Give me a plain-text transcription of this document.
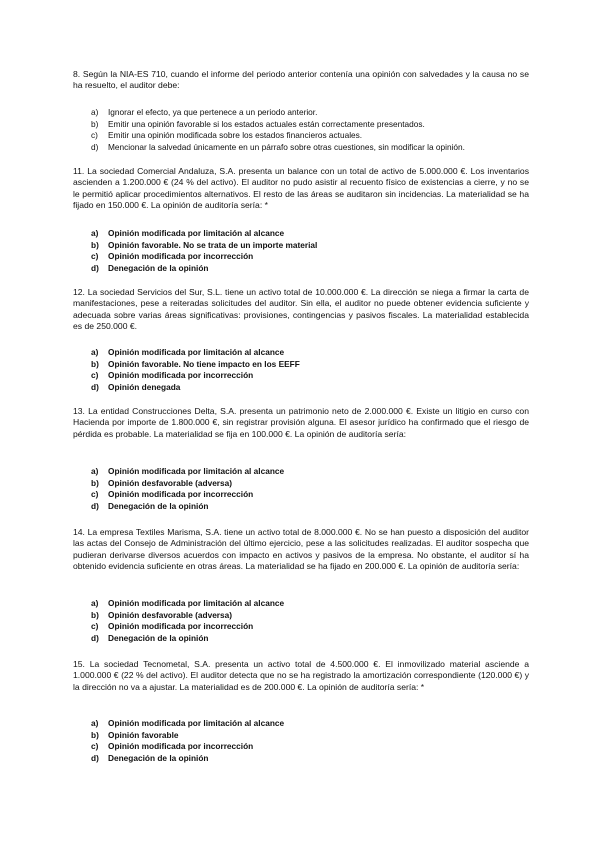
8. Según la NIA-ES 710, cuando el informe del periodo anterior contenía una opinión con salvedades y la causa no se ha resuelto, el auditor debe:

a)	Ignorar el efecto, ya que pertenece a un periodo anterior.
b)	Emitir una opinión favorable si los estados actuales están correctamente presentados.
c)	Emitir una opinión modificada sobre los estados financieros actuales.
d)	Mencionar la salvedad únicamente en un párrafo sobre otras cuestiones, sin modificar la opinión.

11. La sociedad Comercial Andaluza, S.A. presenta un balance con un total de activo de 5.000.000 €. Los inventarios ascienden a 1.200.000 € (24 % del activo). El auditor no pudo asistir al recuento físico de existencias a cierre, y no se le permitió aplicar procedimientos alternativos. El resto de las áreas se auditaron sin incidencias. La materialidad se ha fijado en 150.000 €. La opinión de auditoría sería: *

a)	Opinión modificada por limitación al alcance
b)	Opinión favorable. No se trata de un importe material
c)	Opinión modificada por incorrección
d)	Denegación de la opinión

12. La sociedad Servicios del Sur, S.L. tiene un activo total de 10.000.000 €. La dirección se niega a firmar la carta de manifestaciones, pese a reiteradas solicitudes del auditor. Sin ella, el auditor no puede obtener evidencia suficiente y adecuada sobre varias áreas significativas: provisiones, contingencias y pasivos fiscales. La materialidad establecida es de 250.000 €.

a)	Opinión modificada por limitación al alcance
b)	Opinión favorable. No tiene impacto en los EEFF
c)	Opinión modificada por incorrección
d)	Opinión denegada

13. La entidad Construcciones Delta, S.A. presenta un patrimonio neto de 2.000.000 €. Existe un litigio en curso con Hacienda por importe de 1.800.000 €, sin registrar provisión alguna. El asesor jurídico ha confirmado que el riesgo de pérdida es probable. La materialidad se fija en 100.000 €. La opinión de auditoría sería:

a)	Opinión modificada por limitación al alcance
b)	Opinión desfavorable (adversa)
c)	Opinión modificada por incorrección
d)	Denegación de la opinión

14. La empresa Textiles Marisma, S.A. tiene un activo total de 8.000.000 €. No se han puesto a disposición del auditor las actas del Consejo de Administración del último ejercicio, pese a las solicitudes realizadas. El auditor sospecha que pudieran derivarse diversos acuerdos con impacto en activos y pasivos de la empresa. No obstante, el auditor sí ha obtenido evidencia suficiente en otras áreas. La materialidad se ha fijado en 200.000 €. La opinión de auditoría sería:

a)	Opinión modificada por limitación al alcance
b)	Opinión desfavorable (adversa)
c)	Opinión modificada por incorrección
d)	Denegación de la opinión

15. La sociedad Tecnometal, S.A. presenta un activo total de 4.500.000 €. El inmovilizado material asciende a 1.000.000 € (22 % del activo). El auditor detecta que no se ha registrado la amortización correspondiente (120.000 €) y la dirección no va a ajustar. La materialidad es de 200.000 €. La opinión de auditoría sería: *

a)	Opinión modificada por limitación al alcance
b)	Opinión favorable
c)	Opinión modificada por incorrección
d)	Denegación de la opinión
